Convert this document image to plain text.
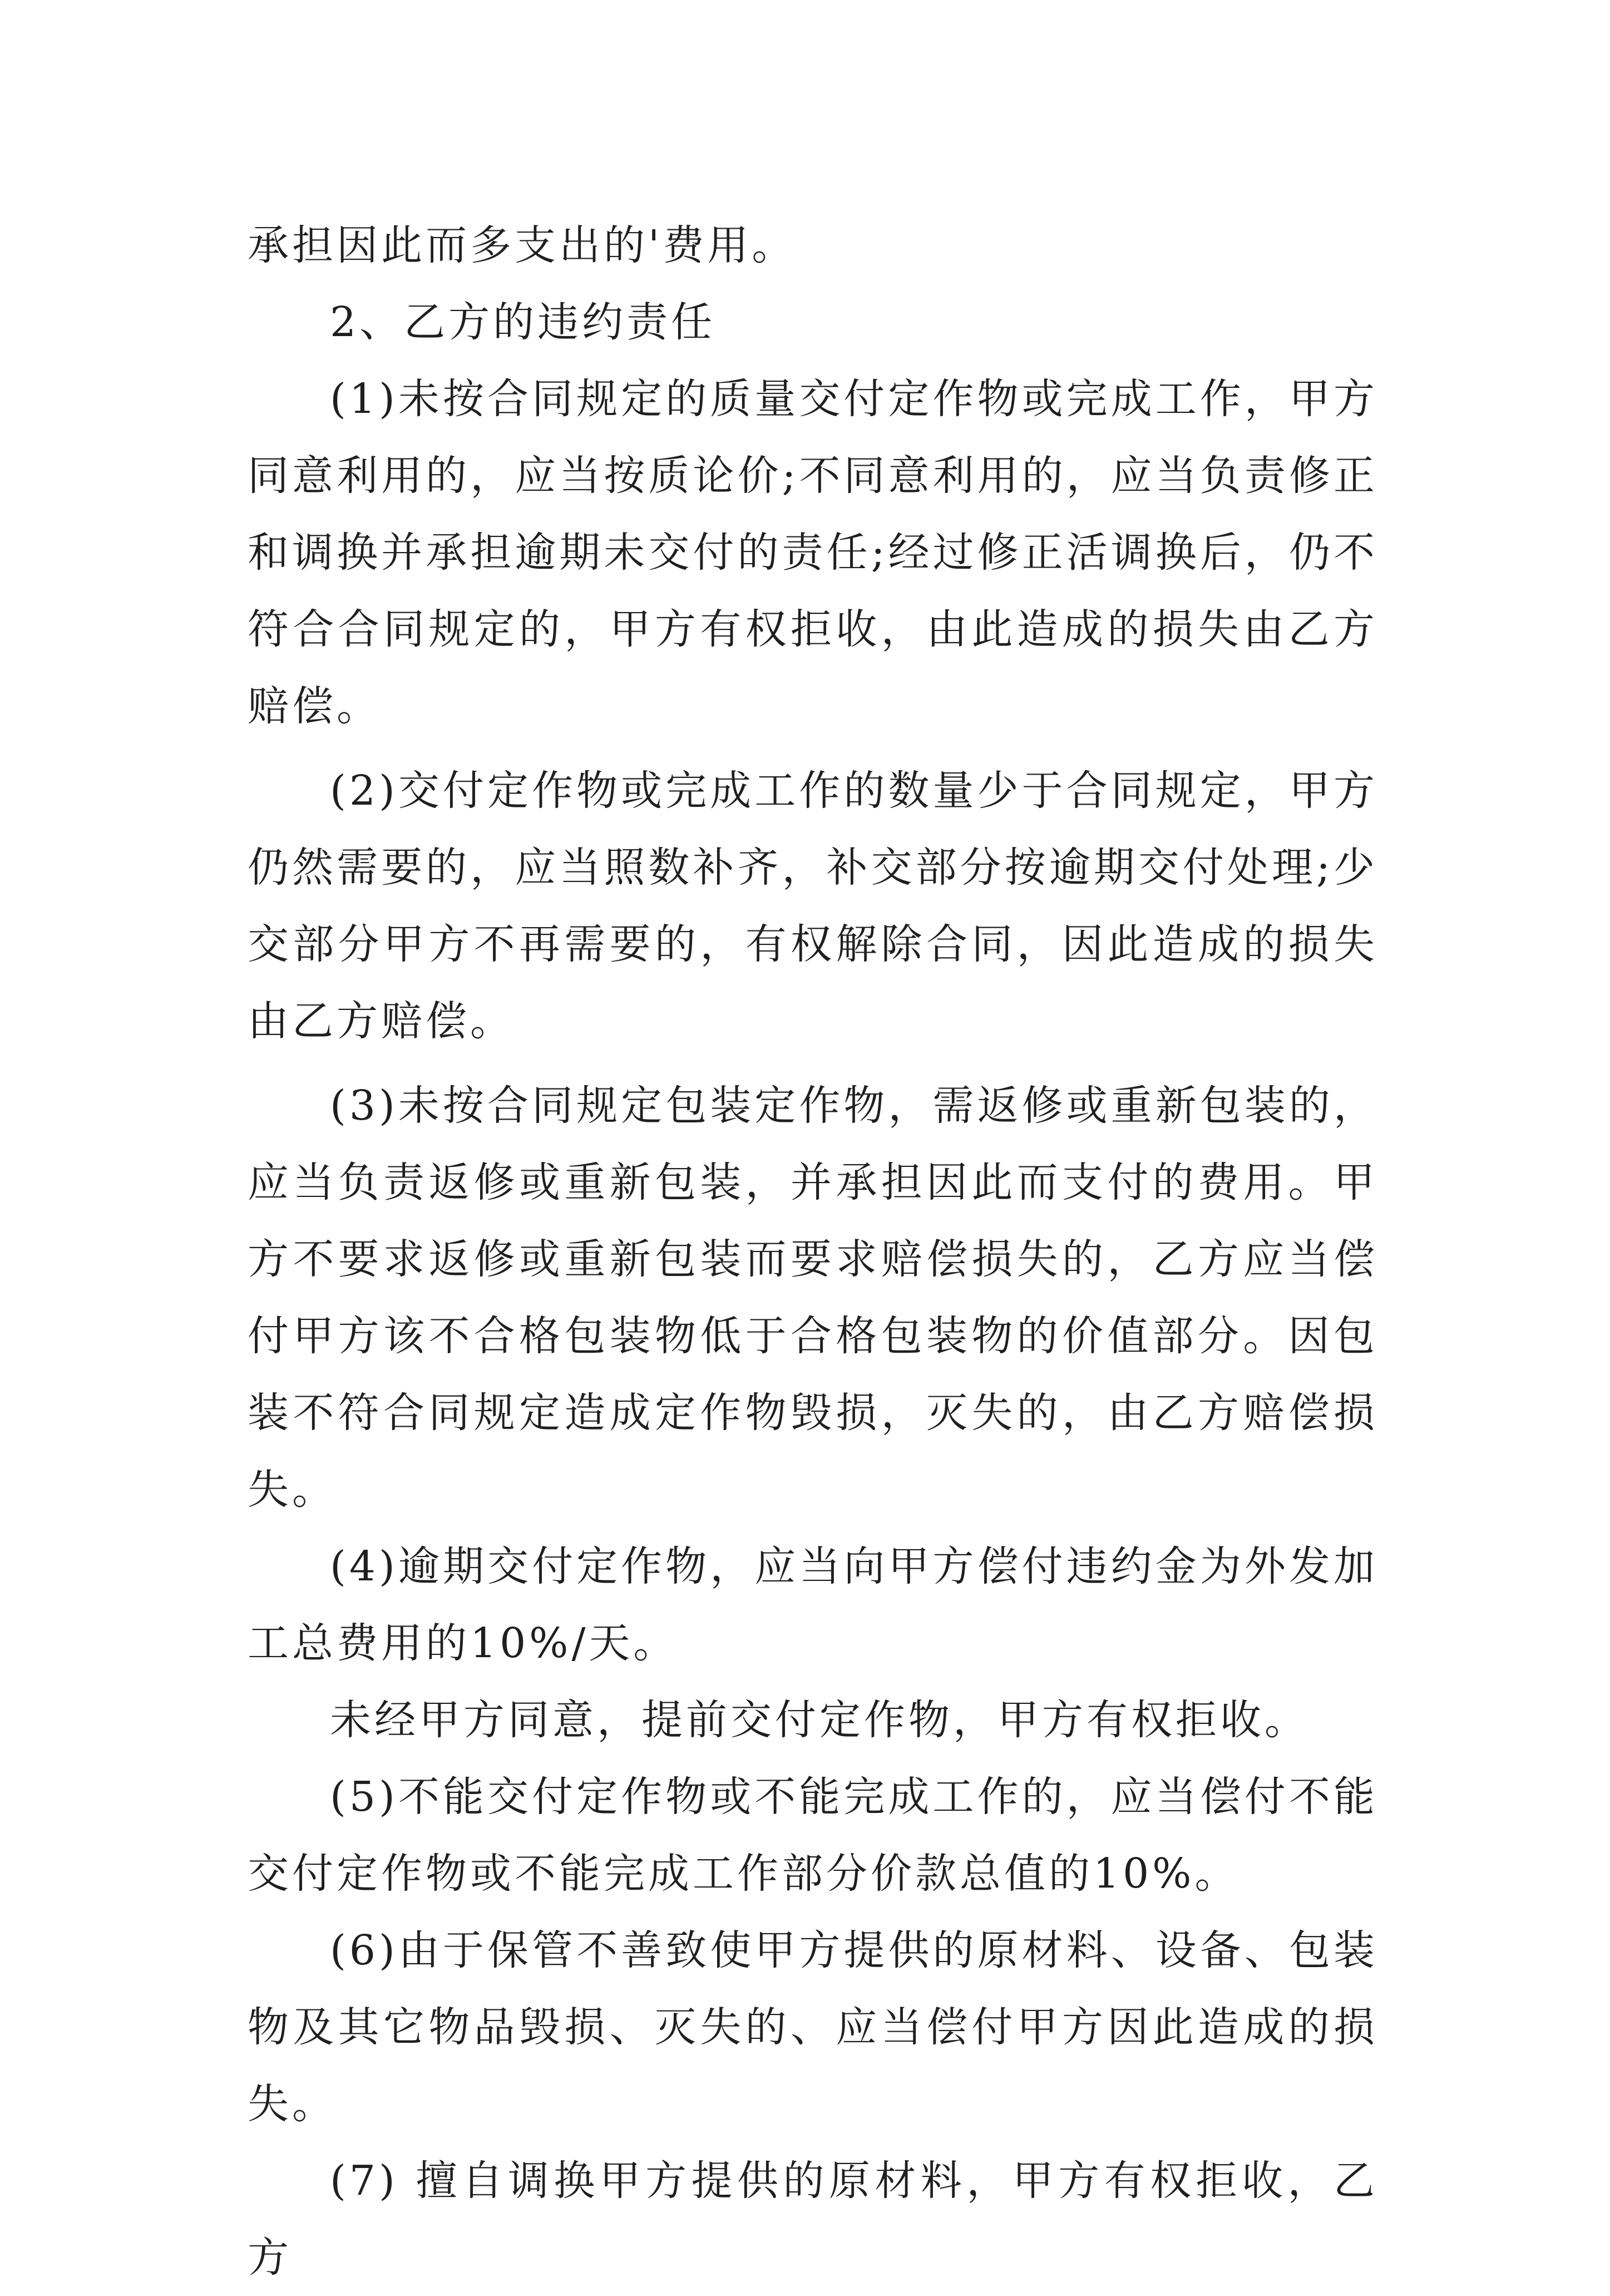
承担因此而多支出的'费用。

2、乙方的违约责任

(1)未按合同规定的质量交付定作物或完成工作，甲方同意利用的，应当按质论价;不同意利用的，应当负责修正和调换并承担逾期未交付的责任;经过修正活调换后，仍不符合合同规定的，甲方有权拒收，由此造成的损失由乙方赔偿。

(2)交付定作物或完成工作的数量少于合同规定，甲方仍然需要的，应当照数补齐，补交部分按逾期交付处理;少交部分甲方不再需要的，有权解除合同，因此造成的损失由乙方赔偿。

(3)未按合同规定包装定作物，需返修或重新包装的，应当负责返修或重新包装，并承担因此而支付的费用。甲方不要求返修或重新包装而要求赔偿损失的，乙方应当偿付甲方该不合格包装物低于合格包装物的价值部分。因包装不符合同规定造成定作物毁损，灭失的，由乙方赔偿损失。

(4)逾期交付定作物，应当向甲方偿付违约金为外发加工总费用的10%/天。

未经甲方同意，提前交付定作物，甲方有权拒收。

(5)不能交付定作物或不能完成工作的，应当偿付不能交付定作物或不能完成工作部分价款总值的10%。

(6)由于保管不善致使甲方提供的原材料、设备、包装物及其它物品毁损、灭失的、应当偿付甲方因此造成的损失。

(7) 擅自调换甲方提供的原材料，甲方有权拒收，乙方
